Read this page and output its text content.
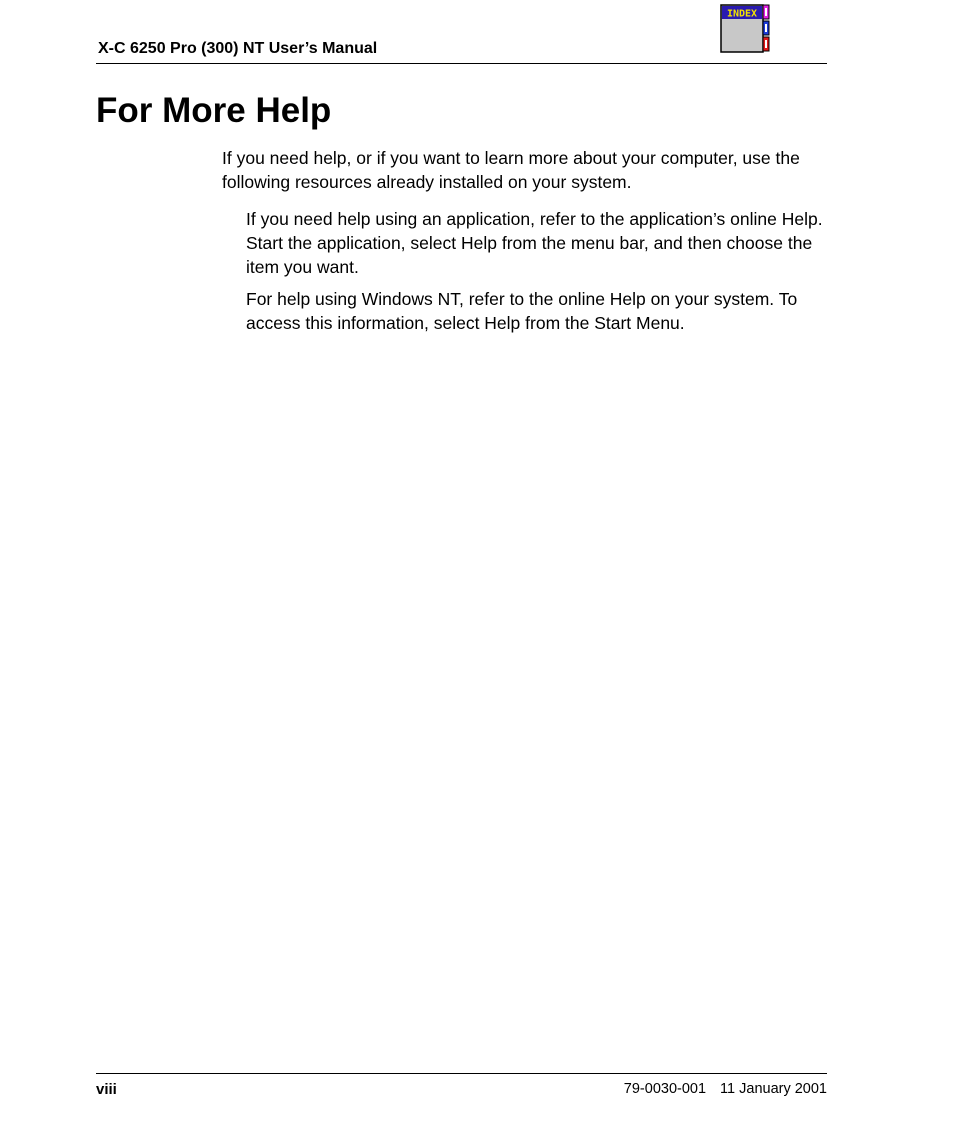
X-C 6250 Pro (300) NT User’s Manual
INDEX
For More Help

If you need help, or if you want to learn more about your computer, use the following resources already installed on your system.

If you need help using an application, refer to the application’s online Help. Start the application, select Help from the menu bar, and then choose the item you want.

For help using Windows NT, refer to the online Help on your system. To access this information, select Help from the Start Menu.

viii	79-0030-001 11 January 2001
